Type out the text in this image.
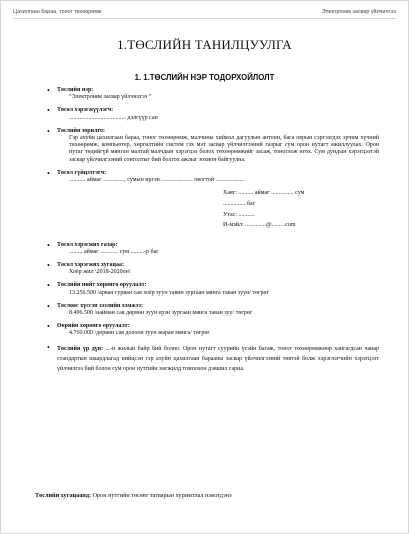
Цахилгаан бараа, тоног төхөөрөмж	Электроник засвар үйлчилгээ
1.ТӨСЛИЙН ТАНИЛЦУУЛГА
1. 1.ТӨСЛИЙН НЭР ТОДОРХОЙЛОЛТ
• Төслийн нэр:
“Электроник засвар үйлчилгээ ”
• Төсөл хэрэгжүүлэгч:
...................................... дэлгүүр сан
• Төслийн зорилго:
Гэр ахуйн цахилгаан бараа, тоног төхөөрөмж, малчины хиймэл дагуулын антенн, бага оврын сэргээгдэх эрчим хүчний төхөөрөмж, компьютер, хөргөлтийн систем гэх мэт засвар үйлчилгээний газрыг сум орон нутагт ажиллуулах. Орон нутаг төдийгүй мянган малтай малчдын хэрэгцээ болох төхөөрөмжийг засаж, тоноглож өгөх. Сум дундын хэрэгцээтэй засвар үйлчилгээний сонголтыг бий болгох ажлыг зохион байгуулна.
• Төсөл гүйцэтгэгч:
........... аймаг .............., сумын иргэн ..................... овогтой ...................

Хаяг: .......... аймаг ............... сум

............... баг

Утас: ...........

И-мэйл: ..............@.........com

• Төсөл хэрэгжих газар:
......... аймаг ............ сум .........-р баг
• Төсөл хэрэгжих хугацаа:
Хоёр жил \2018-2020он\
• Төслийн нийт хөрөнгө оруулалт:
13.256.500 /арван гурван сая хоёр зуун тавин зургаан мянга таван зуун/ төгрөг
• Төслөөс хүссэн зээлийн хэмжээ:
8.496.500 /найман сая дөрвөн зуун ерэн зургаан мянга таван зуу/ төгрөг
• Өөрийн хөрөнгө оруулалт:
4.760.000 /дөрвөн сая долоон зуун жаран мянга/ төгрөг
• Төслийн үр дүн: ...-н жилын байр бий болно. Орон нутагт суурийн үсэйн багаж, тоног төхөөрөмжөөр хангагдсан чанар стандартын шаардлагад нийцсэн гэр ахуйн цахилгаан барааны засвар үйлчилгээний төвтэй болж хэрэглэгчийн хэрэгцээт үйлчилгээ бий болон сум орон нутгийн хөгжилд томоохон дэвшил гарна.
Төслийн хугацаанд: Орон нутгийн төсөвт татварын хуримтлал нэмэгдэнэ
